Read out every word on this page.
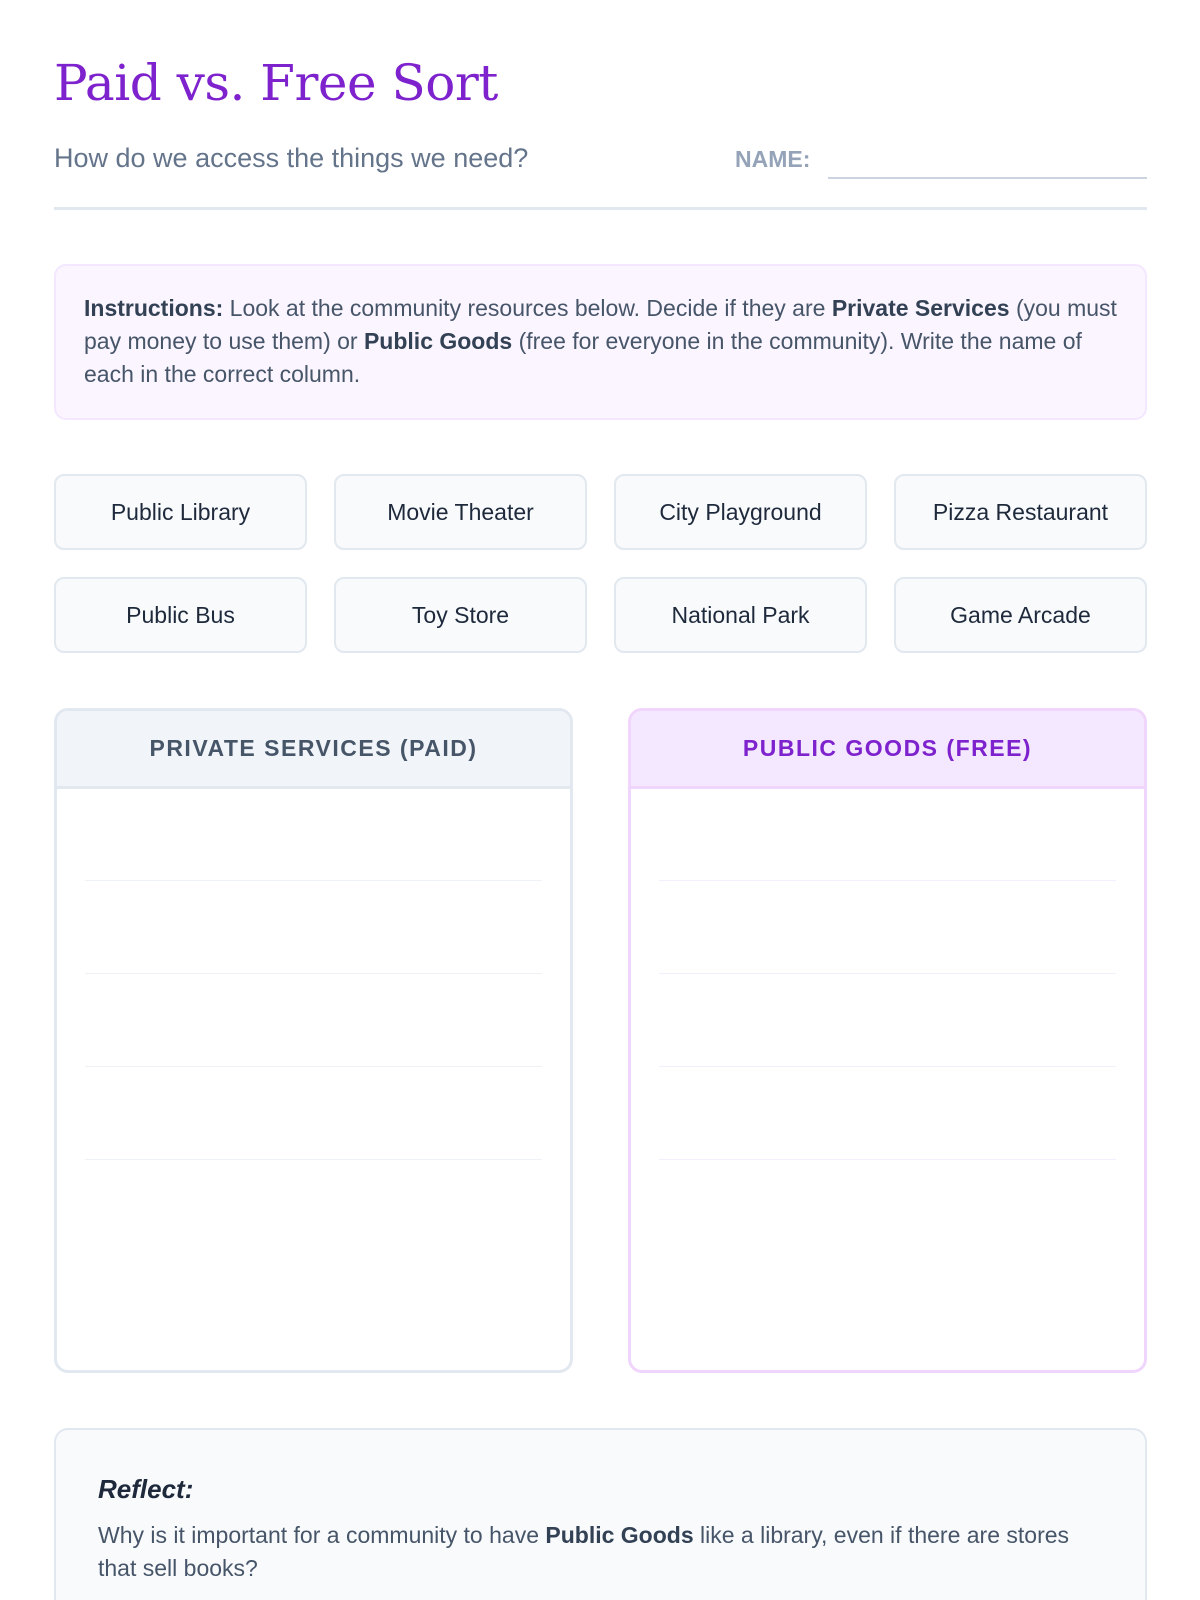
Paid vs. Free Sort
How do we access the things we need?	NAME:
Instructions: Look at the community resources below. Decide if they are Private Services (you must pay money to use them) or Public Goods (free for everyone in the community). Write the name of each in the correct column.
Public Library	Movie Theater	City Playground	Pizza Restaurant
Public Bus	Toy Store	National Park	Game Arcade
PRIVATE SERVICES (PAID)	PUBLIC GOODS (FREE)
Reflect:
Why is it important for a community to have Public Goods like a library, even if there are stores that sell books?
